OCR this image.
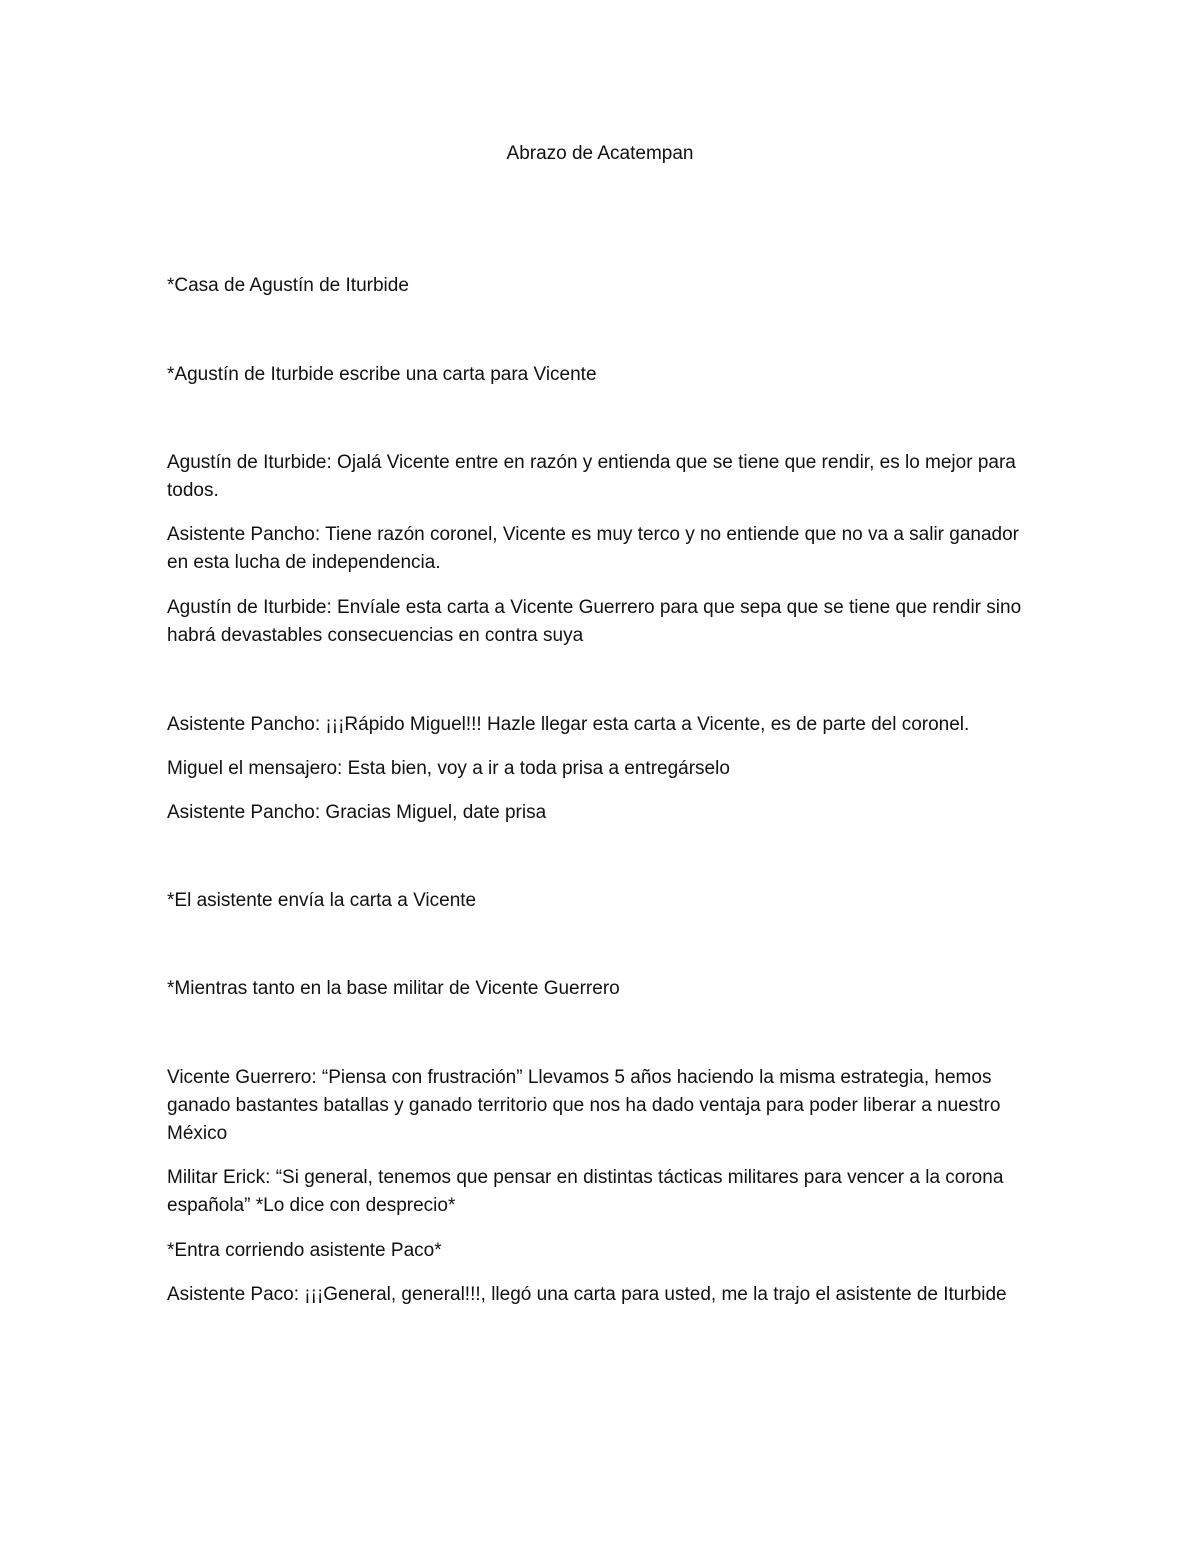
Abrazo de Acatempan

*Casa de Agustín de Iturbide

*Agustín de Iturbide escribe una carta para Vicente

Agustín de Iturbide: Ojalá Vicente entre en razón y entienda que se tiene que rendir, es lo mejor para todos.

Asistente Pancho: Tiene razón coronel, Vicente es muy terco y no entiende que no va a salir ganador en esta lucha de independencia.

Agustín de Iturbide: Envíale esta carta a Vicente Guerrero para que sepa que se tiene que rendir sino habrá devastables consecuencias en contra suya

Asistente Pancho: ¡¡¡Rápido Miguel!!! Hazle llegar esta carta a Vicente, es de parte del coronel.

Miguel el mensajero: Esta bien, voy a ir a toda prisa a entregárselo

Asistente Pancho: Gracias Miguel, date prisa

*El asistente envía la carta a Vicente

*Mientras tanto en la base militar de Vicente Guerrero

Vicente Guerrero: “Piensa con frustración” Llevamos 5 años haciendo la misma estrategia, hemos ganado bastantes batallas y ganado territorio que nos ha dado ventaja para poder liberar a nuestro México

Militar Erick: “Si general, tenemos que pensar en distintas tácticas militares para vencer a la corona española” *Lo dice con desprecio*

*Entra corriendo asistente Paco*

Asistente Paco: ¡¡¡General, general!!!, llegó una carta para usted, me la trajo el asistente de Iturbide
